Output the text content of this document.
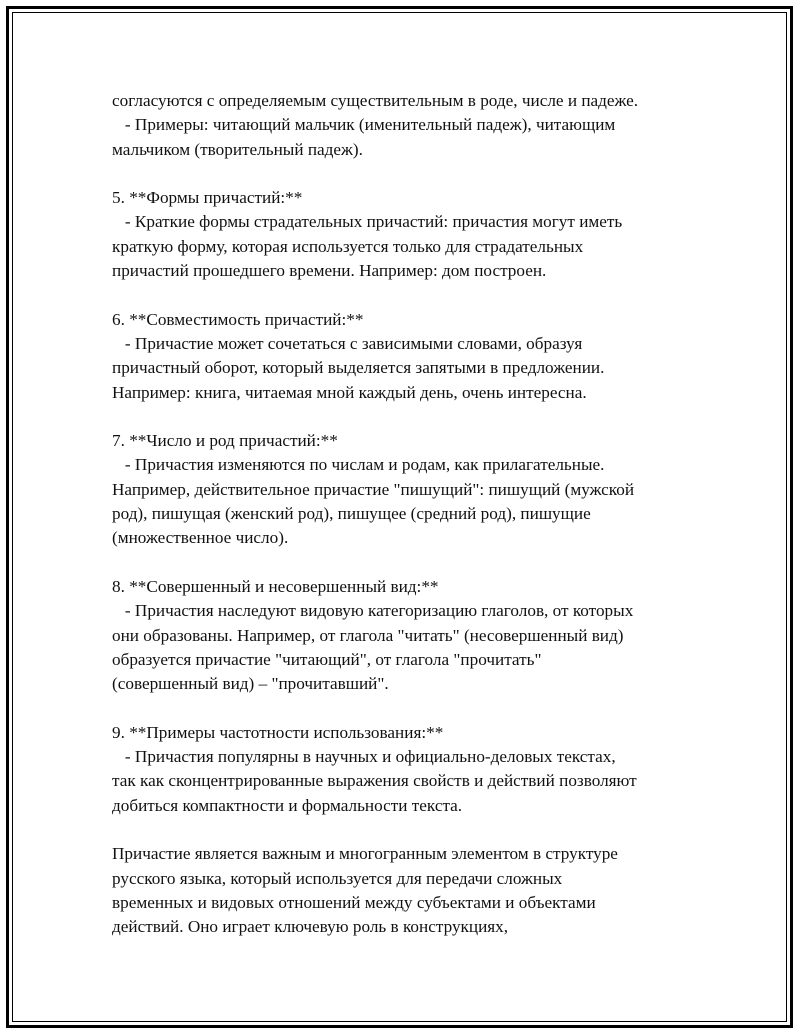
согласуются с определяемым существительным в роде, числе и падеже.
- Примеры: читающий мальчик (именительный падеж), читающим
мальчиком (творительный падеж).
5. **Формы причастий:**
- Краткие формы страдательных причастий: причастия могут иметь
краткую форму, которая используется только для страдательных
причастий прошедшего времени. Например: дом построен.
6. **Совместимость причастий:**
- Причастие может сочетаться с зависимыми словами, образуя
причастный оборот, который выделяется запятыми в предложении.
Например: книга, читаемая мной каждый день, очень интересна.
7. **Число и род причастий:**
- Причастия изменяются по числам и родам, как прилагательные.
Например, действительное причастие "пишущий": пишущий (мужской
род), пишущая (женский род), пишущее (средний род), пишущие
(множественное число).
8. **Совершенный и несовершенный вид:**
- Причастия наследуют видовую категоризацию глаголов, от которых
они образованы. Например, от глагола "читать" (несовершенный вид)
образуется причастие "читающий", от глагола "прочитать"
(совершенный вид) – "прочитавший".
9. **Примеры частотности использования:**
- Причастия популярны в научных и официально-деловых текстах,
так как сконцентрированные выражения свойств и действий позволяют
добиться компактности и формальности текста.
Причастие является важным и многогранным элементом в структуре
русского языка, который используется для передачи сложных
временных и видовых отношений между субъектами и объектами
действий. Оно играет ключевую роль в конструкциях,
